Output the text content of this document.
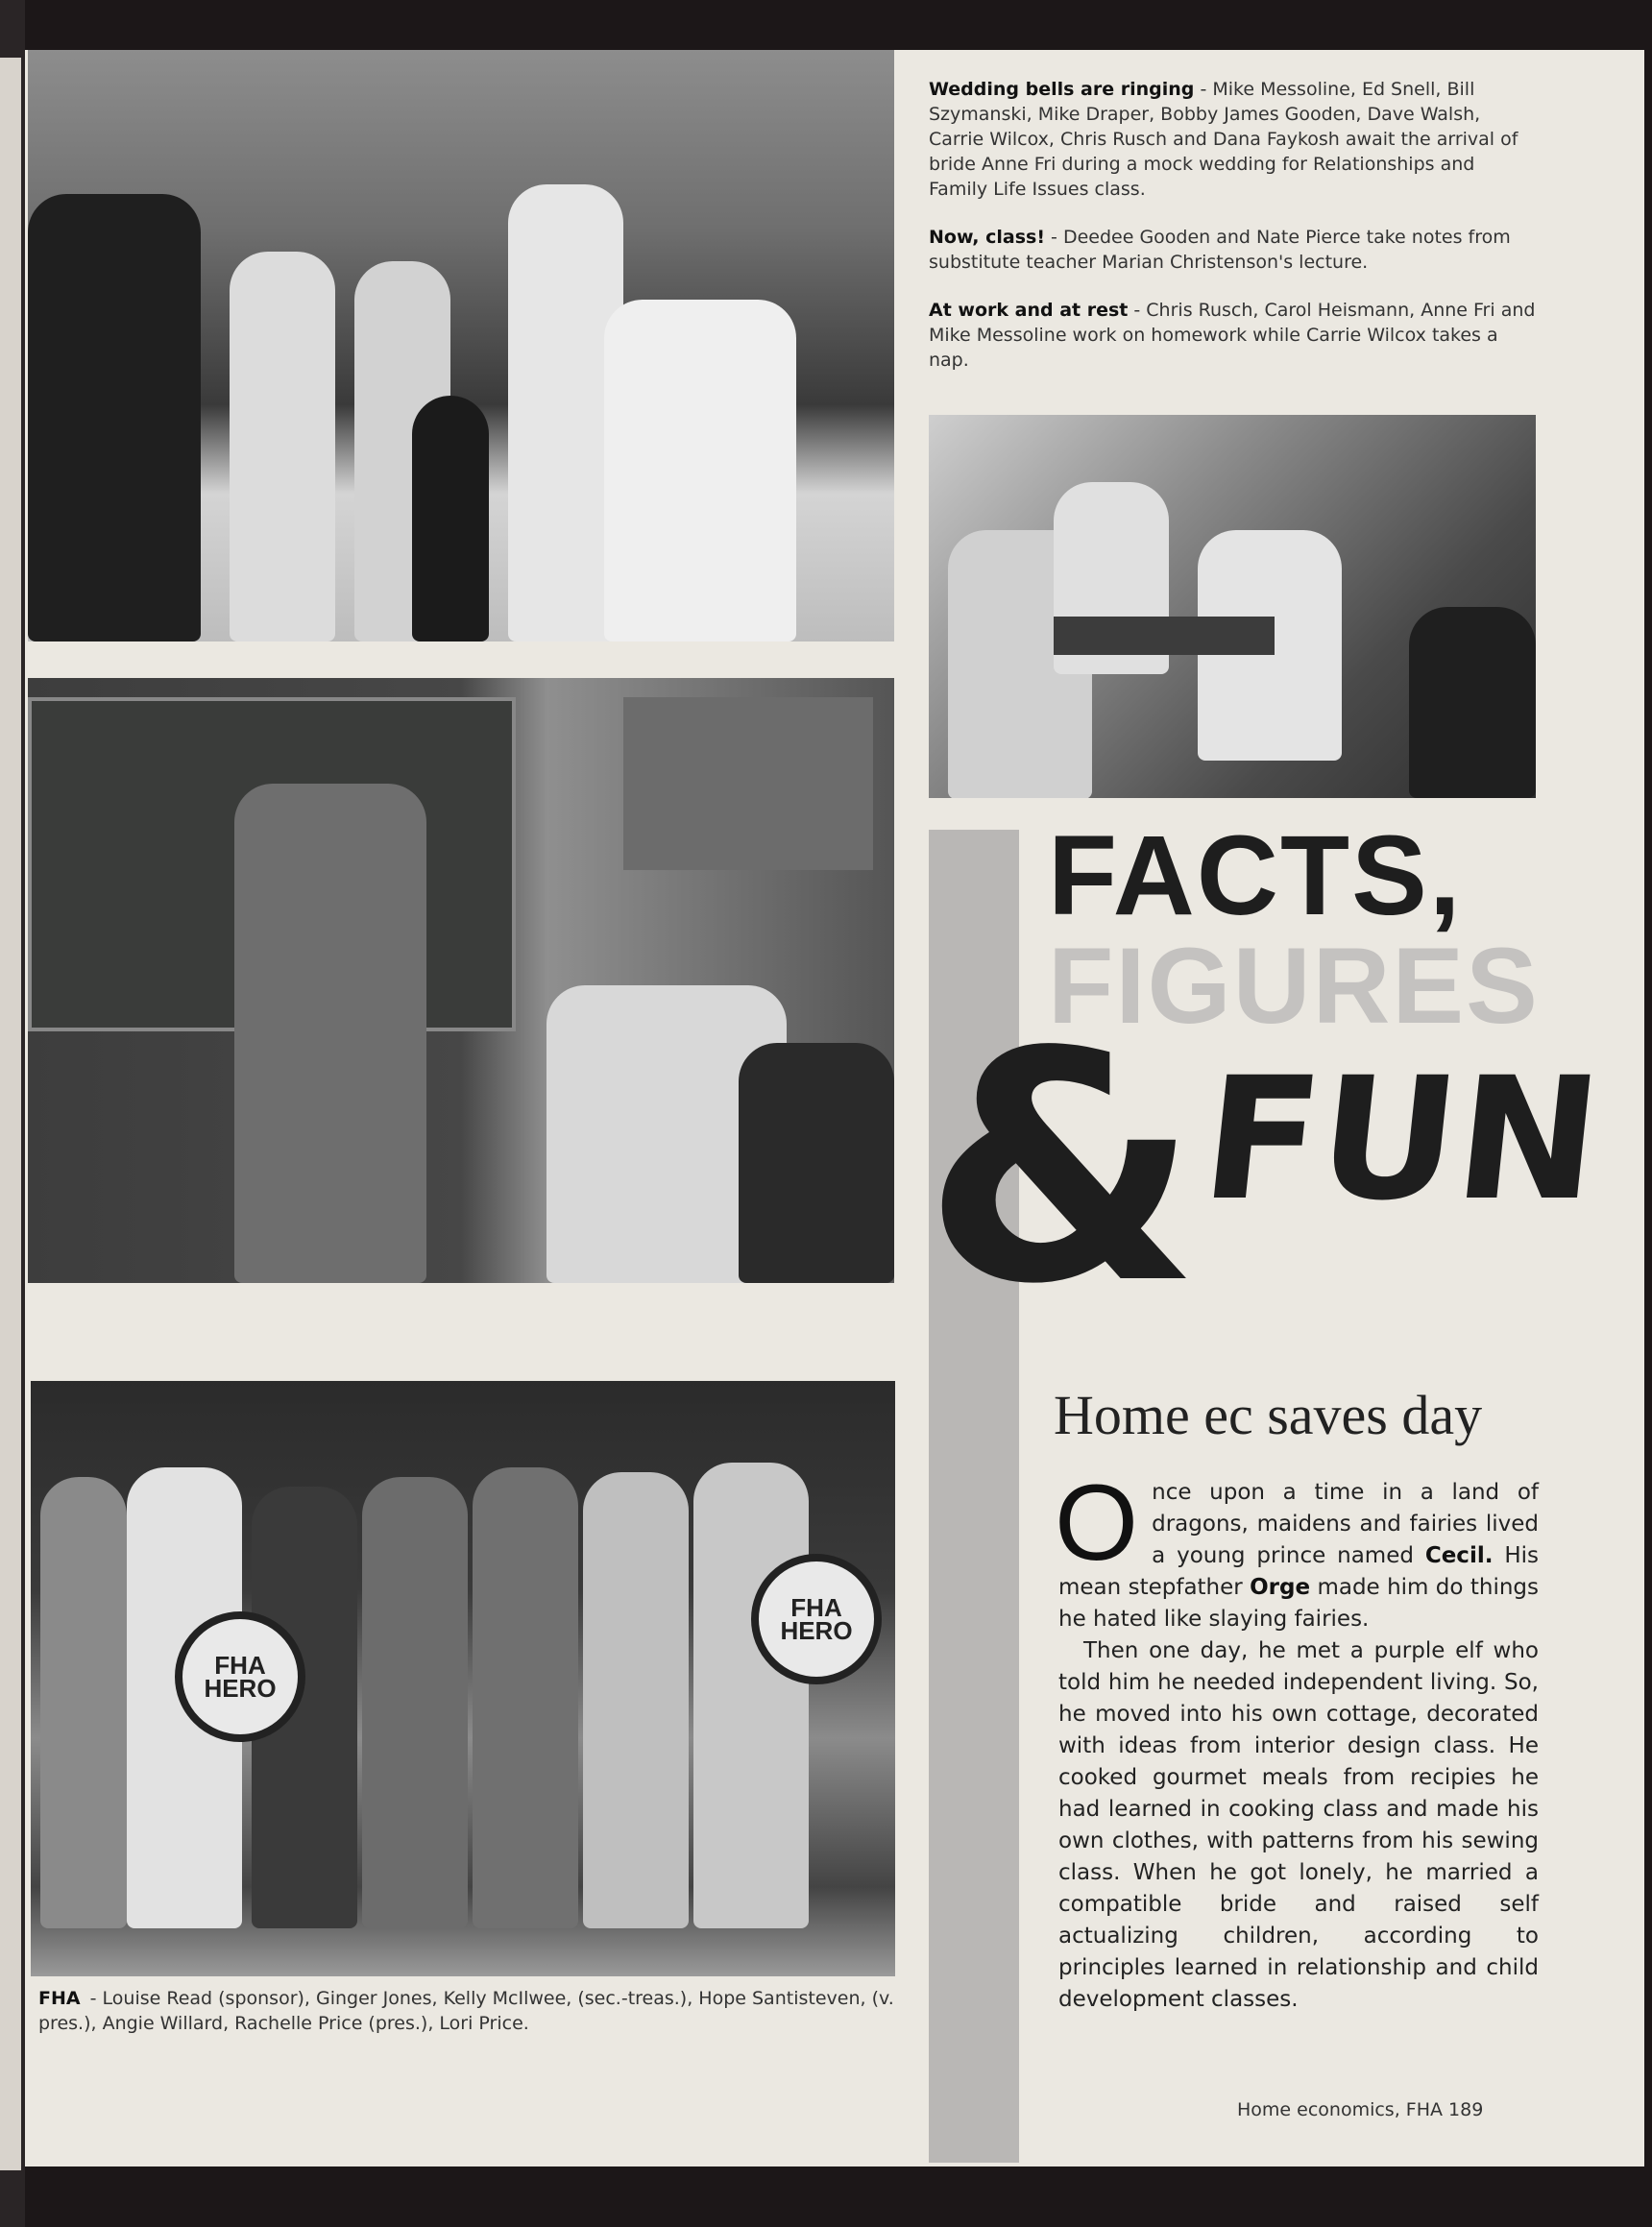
Wedding bells are ringing - Mike Messoline, Ed Snell, Bill Szymanski, Mike Draper, Bobby James Gooden, Dave Walsh, Carrie Wilcox, Chris Rusch and Dana Faykosh await the arrival of bride Anne Fri during a mock wedding for Relationships and Family Life Issues class.

Now, class! - Deedee Gooden and Nate Pierce take notes from substitute teacher Marian Christenson's lecture.

At work and at rest - Chris Rusch, Carol Heismann, Anne Fri and Mike Messoline work on homework while Carrie Wilcox takes a nap.

FACTS,
FIGURES
&
FUN
Home ec saves day

Once upon a time in a land of dragons, maidens and fairies lived a young prince named Cecil. His mean stepfather Orge made him do things he hated like slaying fairies.

Then one day, he met a purple elf who told him he needed independent living. So, he moved into his own cottage, decorated with ideas from interior design class. He cooked gourmet meals from recipies he had learned in cooking class and made his own clothes, with patterns from his sewing class. When he got lonely, he married a compatible bride and raised self actualizing children, according to principles learned in relationship and child development classes.

FHA HERO
FHA HERO
FHA - Louise Read (sponsor), Ginger Jones, Kelly McIlwee, (sec.-treas.), Hope Santisteven, (v. pres.), Angie Willard, Rachelle Price (pres.), Lori Price.
Home economics, FHA 189
